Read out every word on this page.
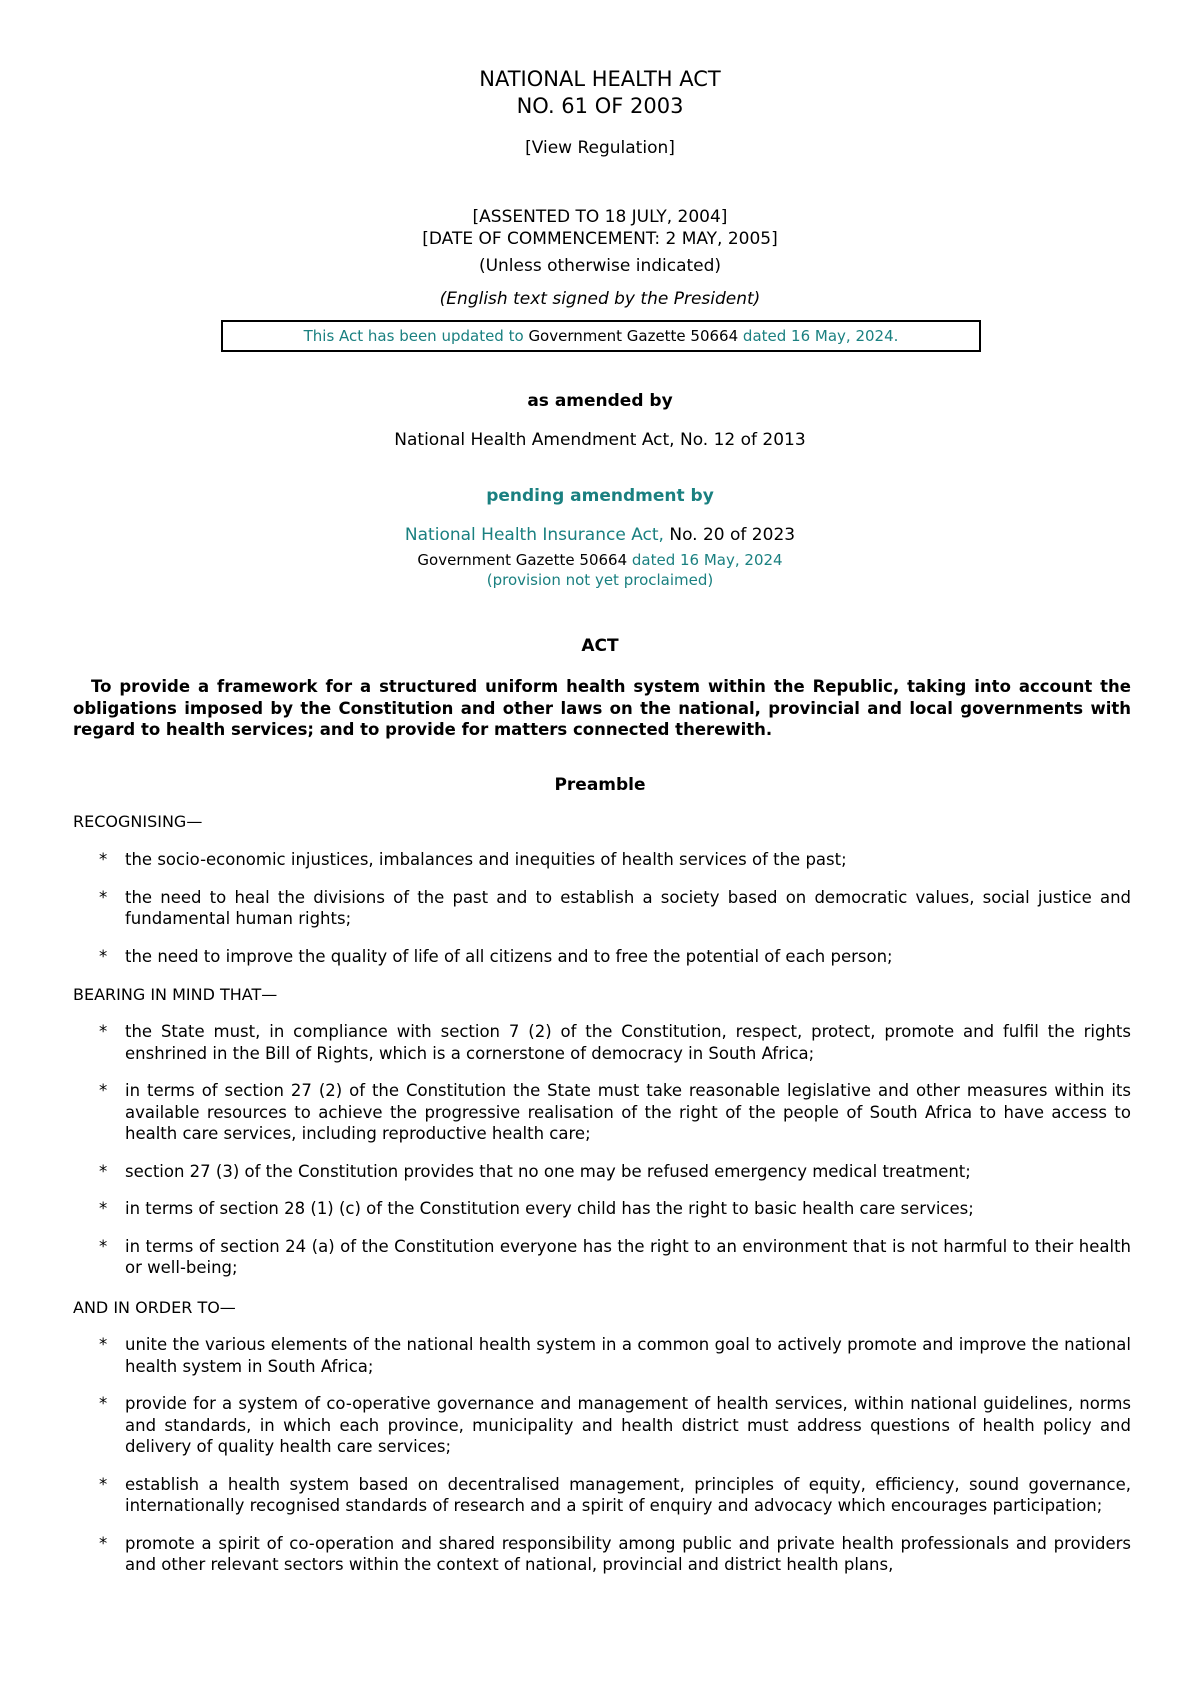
NATIONAL HEALTH ACT
NO. 61 OF 2003
[View Regulation]
[ASSENTED TO 18 JULY, 2004]
[DATE OF COMMENCEMENT: 2 MAY, 2005]
(Unless otherwise indicated)
(English text signed by the President)
This Act has been updated to Government Gazette 50664 dated 16 May, 2024.
as amended by
National Health Amendment Act, No. 12 of 2013
pending amendment by
National Health Insurance Act, No. 20 of 2023
Government Gazette 50664 dated 16 May, 2024
(provision not yet proclaimed)
ACT
To provide a framework for a structured uniform health system within the Republic, taking into account the obligations imposed by the Constitution and other laws on the national, provincial and local governments with regard to health services; and to provide for matters connected therewith.
Preamble
RECOGNISING—
* the socio-economic injustices, imbalances and inequities of health services of the past;
* the need to heal the divisions of the past and to establish a society based on democratic values, social justice and fundamental human rights;
* the need to improve the quality of life of all citizens and to free the potential of each person;
BEARING IN MIND THAT—
* the State must, in compliance with section 7 (2) of the Constitution, respect, protect, promote and fulfil the rights enshrined in the Bill of Rights, which is a cornerstone of democracy in South Africa;
* in terms of section 27 (2) of the Constitution the State must take reasonable legislative and other measures within its available resources to achieve the progressive realisation of the right of the people of South Africa to have access to health care services, including reproductive health care;
* section 27 (3) of the Constitution provides that no one may be refused emergency medical treatment;
* in terms of section 28 (1) (c) of the Constitution every child has the right to basic health care services;
* in terms of section 24 (a) of the Constitution everyone has the right to an environment that is not harmful to their health or well-being;
AND IN ORDER TO—
* unite the various elements of the national health system in a common goal to actively promote and improve the national health system in South Africa;
* provide for a system of co-operative governance and management of health services, within national guidelines, norms and standards, in which each province, municipality and health district must address questions of health policy and delivery of quality health care services;
* establish a health system based on decentralised management, principles of equity, efficiency, sound governance, internationally recognised standards of research and a spirit of enquiry and advocacy which encourages participation;
* promote a spirit of co-operation and shared responsibility among public and private health professionals and providers and other relevant sectors within the context of national, provincial and district health plans,
